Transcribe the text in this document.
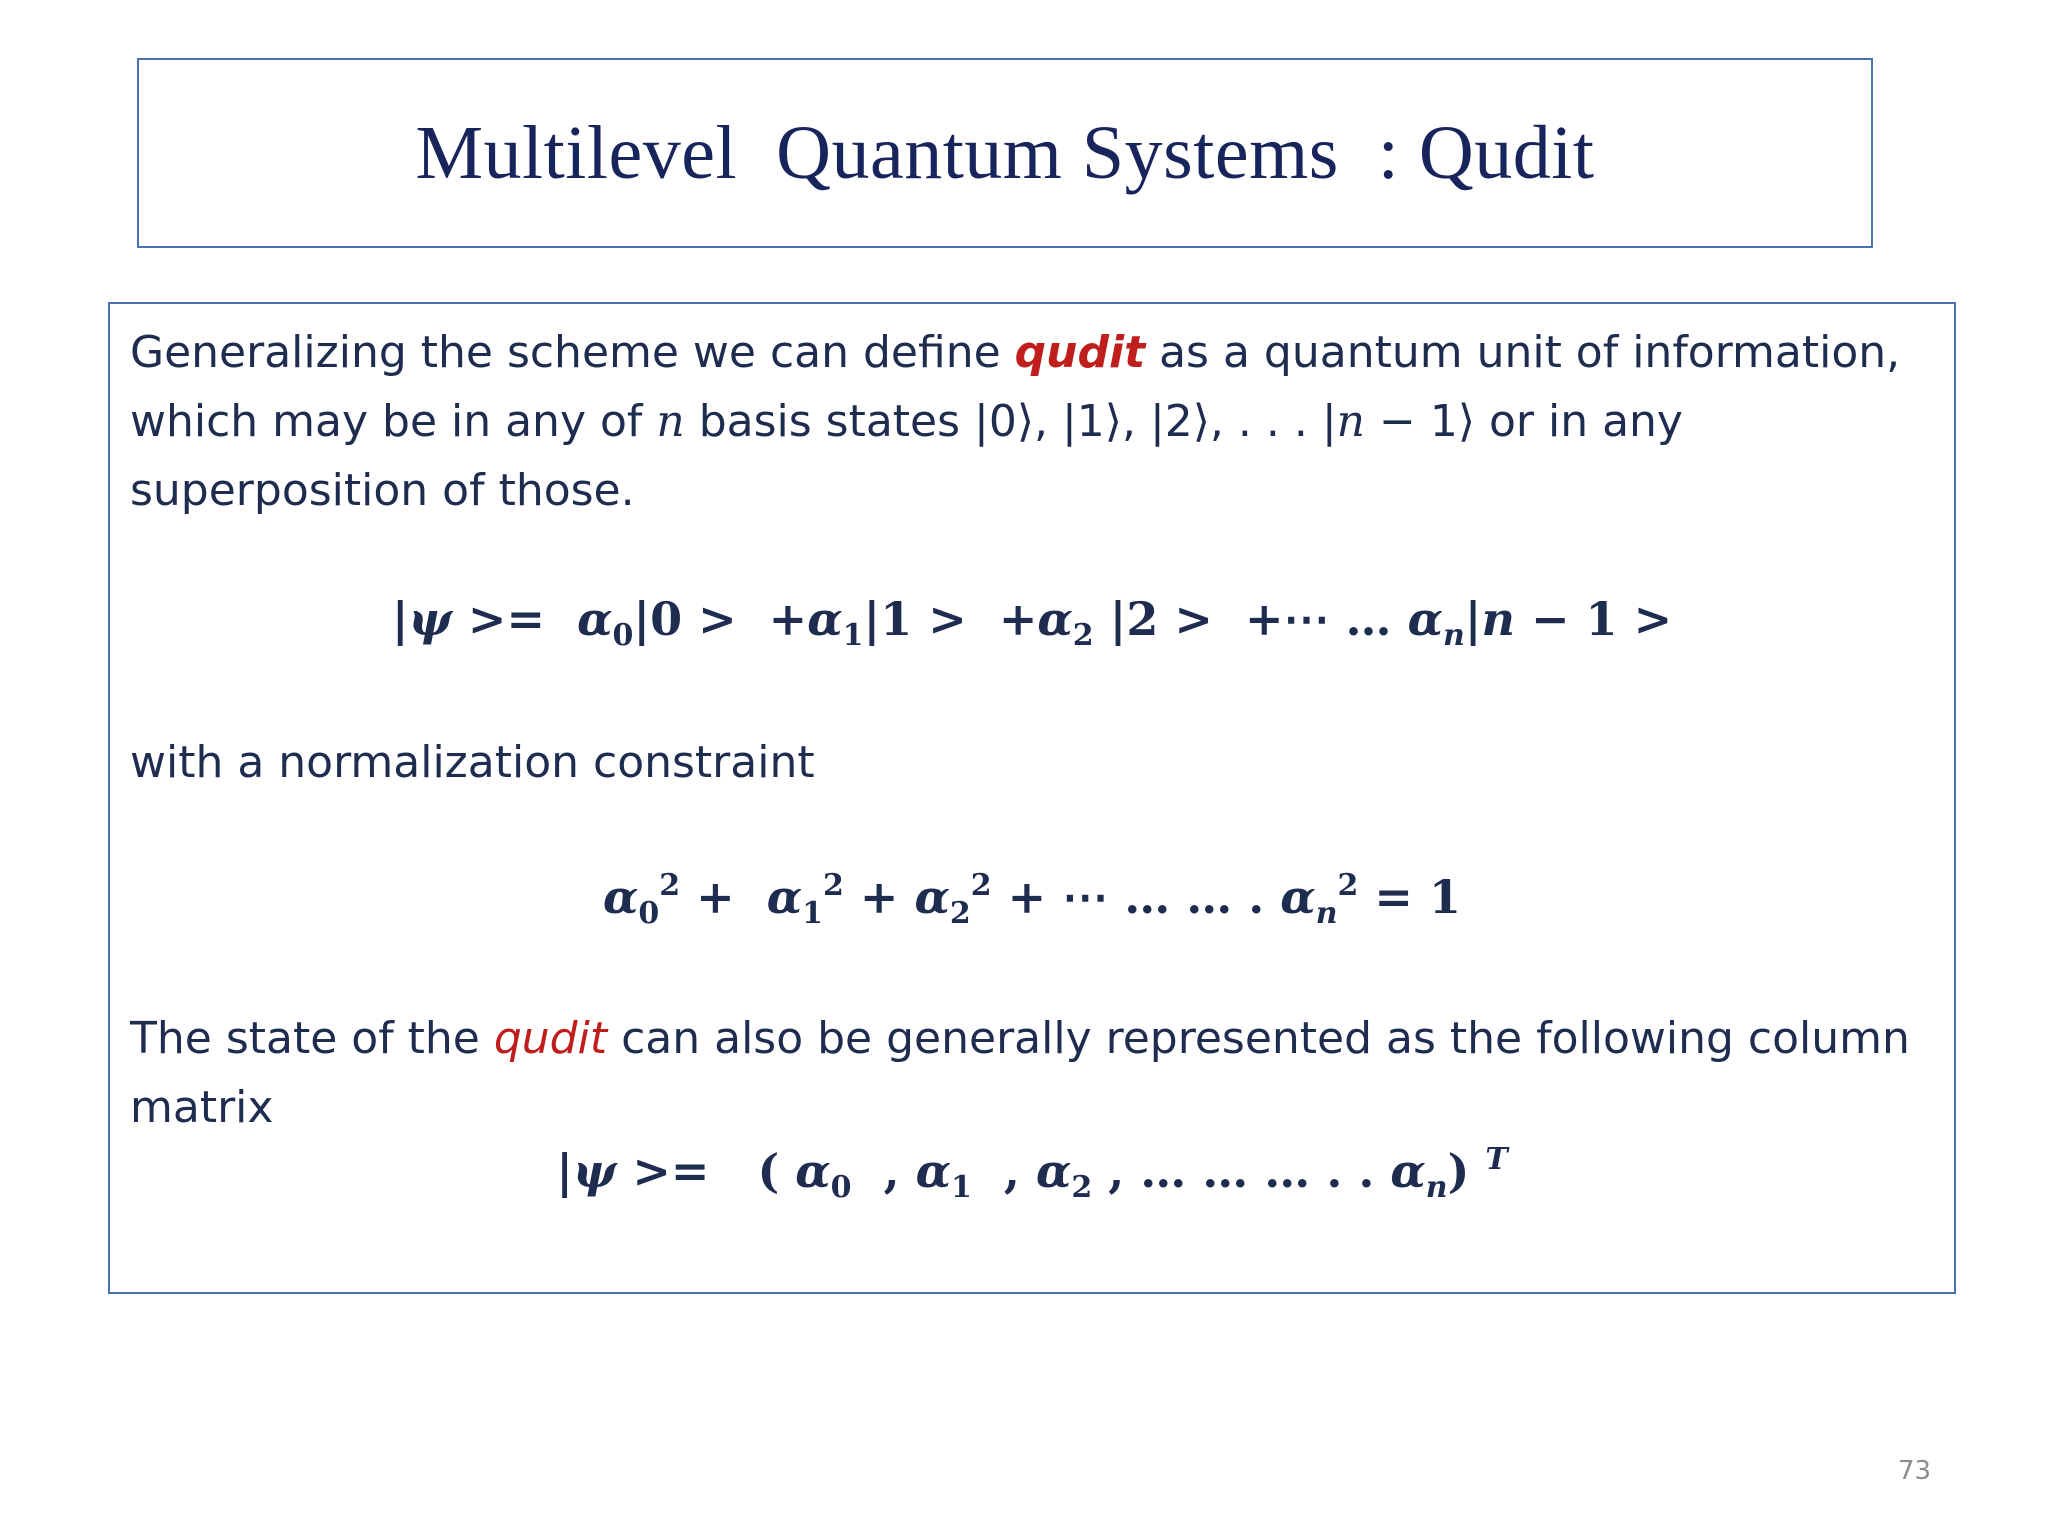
Multilevel  Quantum Systems  : Qudit

Generalizing the scheme we can define qudit as a quantum unit of information, which may be in any of n basis states |0⟩, |1⟩, |2⟩, . . . |n − 1⟩ or in any superposition of those.

$|\psi >= \alpha_0|0 > +\alpha_1|1 > +\alpha_2$ |2 >  +⋯ … $\alpha_n|n - 1$ >

with a normalization constraint

$\alpha_0^2 + \alpha_1^2 + \alpha_2^2$ + ⋯ … … . $\alpha_n^2 = 1$

The state of the qudit can also be generally represented as the following column matrix

|ψ >=   ( $\alpha_0$  , $\alpha_1$  , $\alpha_2$ , … … … . . $\alpha_n$) $^T$
73
